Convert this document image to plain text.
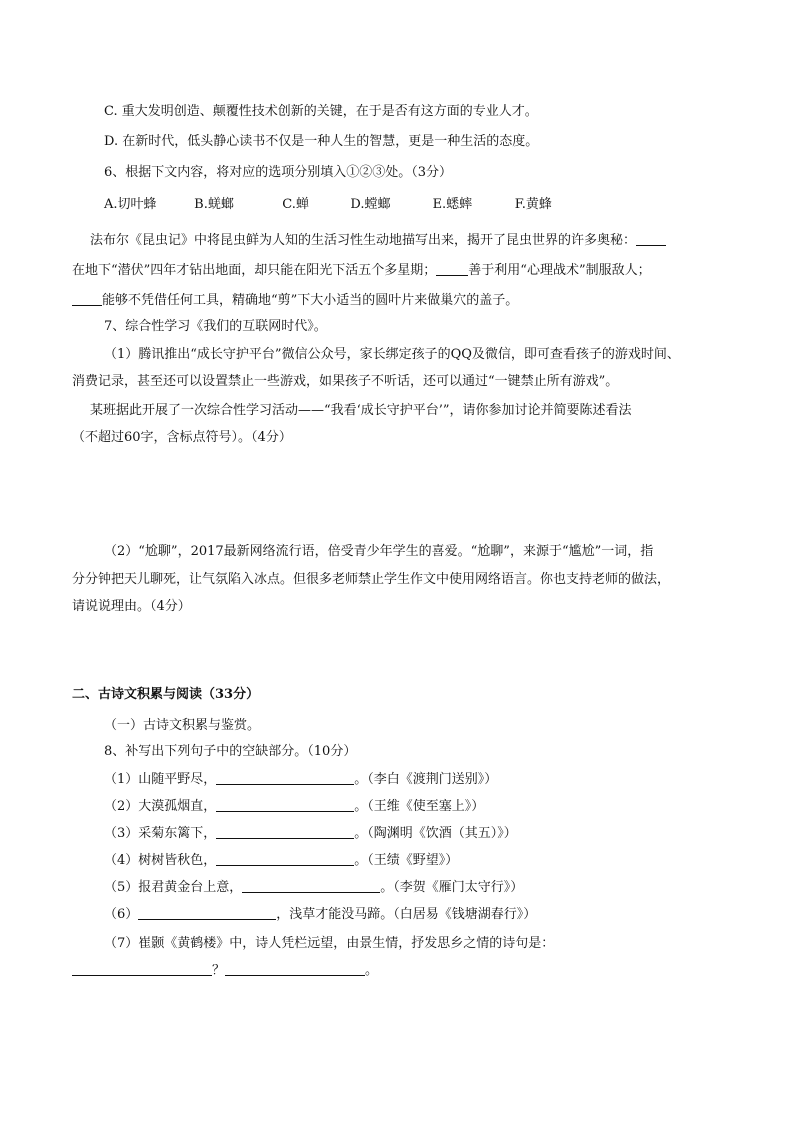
C. 重大发明创造、颠覆性技术创新的关键，在于是否有这方面的专业人才。
D. 在新时代，低头静心读书不仅是一种人生的智慧，更是一种生活的态度。
6、根据下文内容，将对应的选项分别填入①②③处。（3分）
A.切叶蜂	B.蜣螂	C.蝉	D.螳螂	E.蟋蟀	F.黄蜂
法布尔《昆虫记》中将昆虫鲜为人知的生活习性生动地描写出来，揭开了昆虫世界的许多奥秘：
在地下“潜伏”四年才钻出地面，却只能在阳光下活五个多星期； 善于利用“心理战术”制服敌人；
能够不凭借任何工具，精确地“剪”下大小适当的圆叶片来做巢穴的盖子。
7、综合性学习《我们的互联网时代》。
（1）腾讯推出“成长守护平台”微信公众号，家长绑定孩子的QQ及微信，即可查看孩子的游戏时间、
消费记录，甚至还可以设置禁止一些游戏，如果孩子不听话，还可以通过“一键禁止所有游戏”。
某班据此开展了一次综合性学习活动——“我看‘成长守护平台’”，请你参加讨论并简要陈述看法
（不超过60字，含标点符号）。（4分）
（2）“尬聊”，2017最新网络流行语，倍受青少年学生的喜爱。“尬聊”，来源于“尴尬”一词，指
分分钟把天儿聊死，让气氛陷入冰点。但很多老师禁止学生作文中使用网络语言。你也支持老师的做法，
请说说理由。（4分）
二、古诗文积累与阅读（33分）
（一）古诗文积累与鉴赏。
8、补写出下列句子中的空缺部分。（10分）
（1）山随平野尽，	。（李白《渡荆门送别》）
（2）大漠孤烟直，	。（王维《使至塞上》）
（3）采菊东篱下，	。（陶渊明《饮酒（其五）》）
（4）树树皆秋色，	。（王绩《野望》）
（5）报君黄金台上意，	。（李贺《雁门太守行》）
（6）	，浅草才能没马蹄。（白居易《钱塘湖春行》）
（7）崔颢《黄鹤楼》中，诗人凭栏远望，由景生情，抒发思乡之情的诗句是：
？	。
